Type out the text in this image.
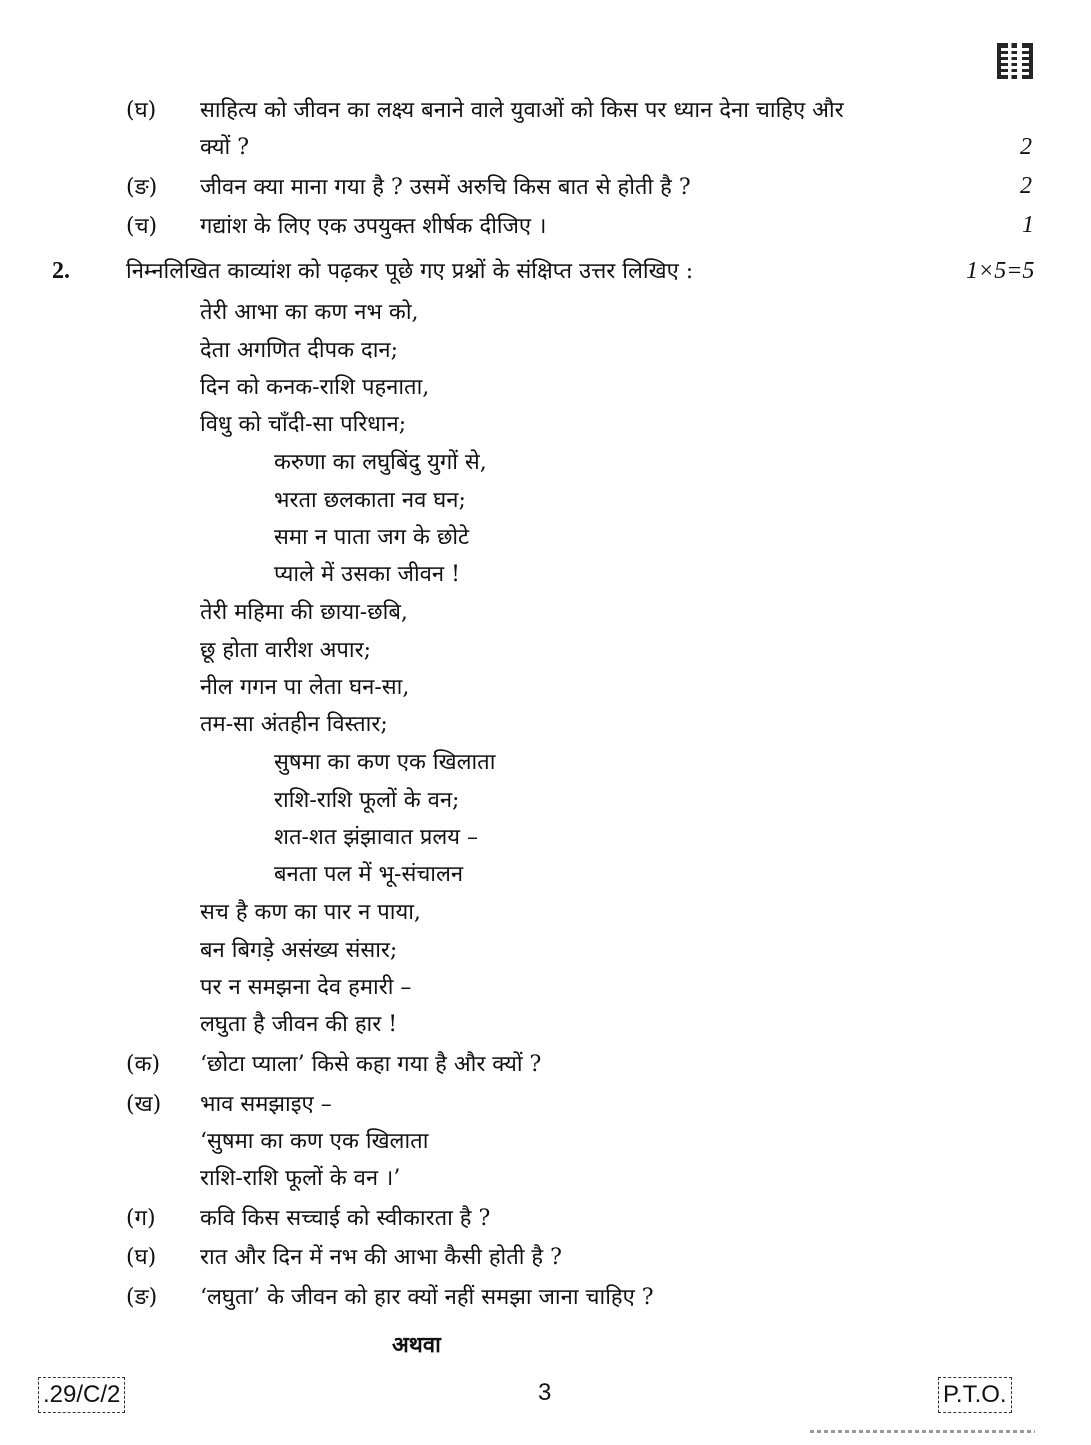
(घ) साहित्य को जीवन का लक्ष्य बनाने वाले युवाओं को किस पर ध्यान देना चाहिए और
क्यों ?	2
(ङ) जीवन क्या माना गया है ? उसमें अरुचि किस बात से होती है ?	2
(च) गद्यांश के लिए एक उपयुक्त शीर्षक दीजिए ।	1
2.	निम्नलिखित काव्यांश को पढ़कर पूछे गए प्रश्नों के संक्षिप्त उत्तर लिखिए :	1×5=5
तेरी आभा का कण नभ को,
देता अगणित दीपक दान;
दिन को कनक-राशि पहनाता,
विधु को चाँदी-सा परिधान;
करुणा का लघुबिंदु युगों से,
भरता छलकाता नव घन;
समा न पाता जग के छोटे
प्याले में उसका जीवन !
तेरी महिमा की छाया-छबि,
छू होता वारीश अपार;
नील गगन पा लेता घन-सा,
तम-सा अंतहीन विस्तार;
सुषमा का कण एक खिलाता
राशि-राशि फूलों के वन;
शत-शत झंझावात प्रलय –
बनता पल में भू-संचालन
सच है कण का पार न पाया,
बन बिगड़े असंख्य संसार;
पर न समझना देव हमारी –
लघुता है जीवन की हार !
(क) ‘छोटा प्याला’ किसे कहा गया है और क्यों ?
(ख) भाव समझाइए –
‘सुषमा का कण एक खिलाता
राशि-राशि फूलों के वन ।’
(ग) कवि किस सच्चाई को स्वीकारता है ?
(घ) रात और दिन में नभ की आभा कैसी होती है ?
(ङ) ‘लघुता’ के जीवन को हार क्यों नहीं समझा जाना चाहिए ?
अथवा
.29/C/2	3	P.T.O.
